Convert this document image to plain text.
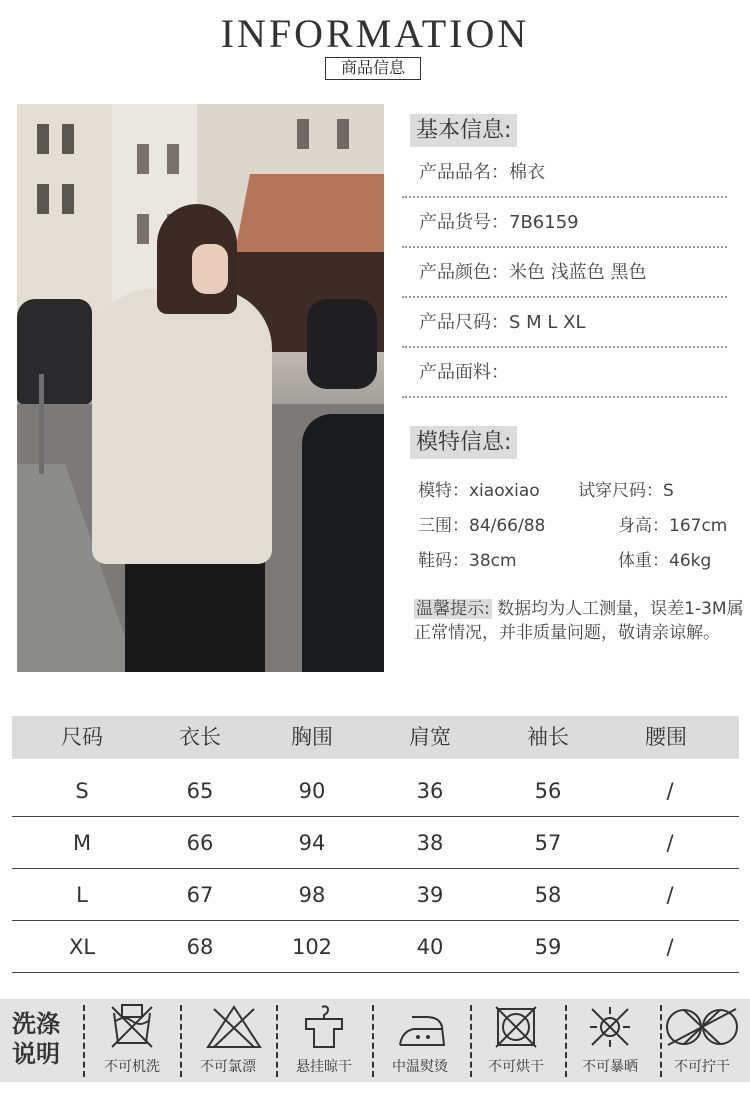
INFORMATION
商品信息
基本信息:
产品品名：棉衣
产品货号：7B6159
产品颜色：米色 浅蓝色 黑色
产品尺码：S M L XL
产品面料：
模特信息:
模特：xiaoxiao 试穿尺码：S
三围：84/66/88	身高：167cm
鞋码：38cm	体重：46kg
温馨提示: 数据均为人工测量，误差1-3M属正常情况，并非质量问题，敬请亲谅解。
尺码	衣长	胸围	肩宽	袖长	腰围
S	65	90	36	56	/
M	66	94	38	57	/
L	67	98	39	58	/
XL	68	102	40	59	/
洗涤说明	不可机洗	不可氯漂	悬挂晾干	中温熨烫	不可烘干	不可暴晒	不可拧干
